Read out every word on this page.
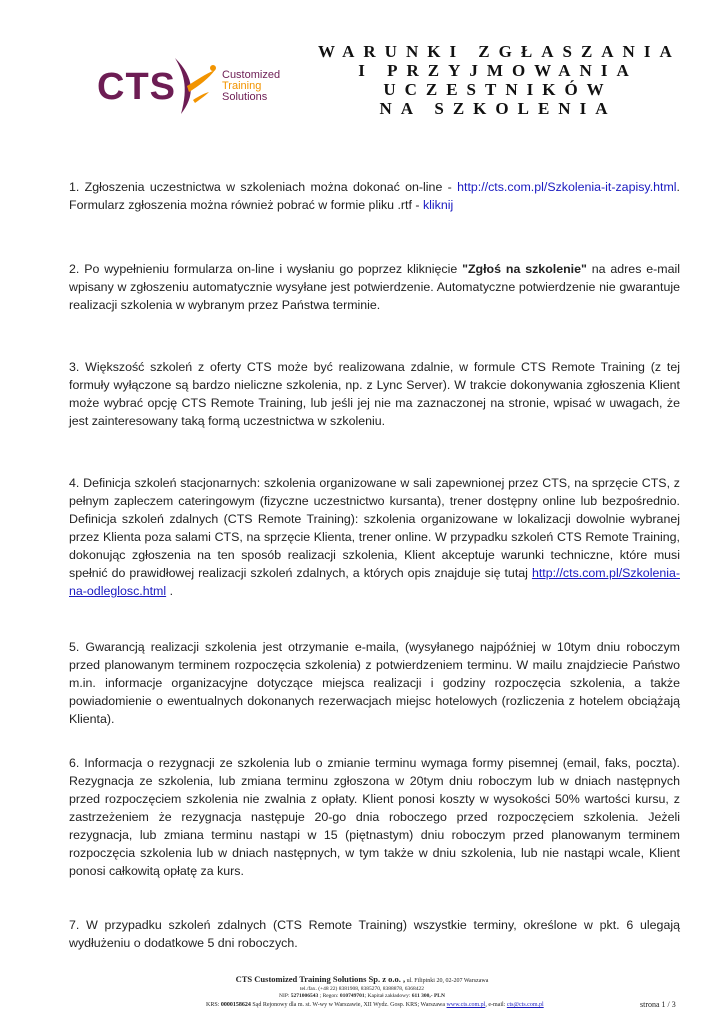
CTS	Customized
Training
Solutions
WARUNKI ZGŁASZANIA
I PRZYJMOWANIA
UCZESTNIKÓW
NA SZKOLENIA
1. Zgłoszenia uczestnictwa w szkoleniach można dokonać on-line - http://cts.com.pl/Szkolenia-it-zapisy.html. Formularz zgłoszenia można również pobrać w formie pliku .rtf - kliknij
2. Po wypełnieniu formularza on-line i wysłaniu go poprzez kliknięcie "Zgłoś na szkolenie" na adres e-mail wpisany w zgłoszeniu automatycznie wysyłane jest potwierdzenie. Automatyczne potwierdzenie nie gwarantuje realizacji szkolenia w wybranym przez Państwa terminie.
3. Większość szkoleń z oferty CTS może być realizowana zdalnie, w formule CTS Remote Training (z tej formuły wyłączone są bardzo nieliczne szkolenia, np. z Lync Server). W trakcie dokonywania zgłoszenia Klient może wybrać opcję CTS Remote Training, lub jeśli jej nie ma zaznaczonej na stronie, wpisać w uwagach, że jest zainteresowany taką formą uczestnictwa w szkoleniu.
4. Definicja szkoleń stacjonarnych: szkolenia organizowane w sali zapewnionej przez CTS, na sprzęcie CTS, z pełnym zapleczem cateringowym (fizyczne uczestnictwo kursanta), trener dostępny online lub bezpośrednio. Definicja szkoleń zdalnych (CTS Remote Training): szkolenia organizowane w lokalizacji dowolnie wybranej przez Klienta poza salami CTS, na sprzęcie Klienta, trener online. W przypadku szkoleń CTS Remote Training, dokonując zgłoszenia na ten sposób realizacji szkolenia, Klient akceptuje warunki techniczne, które musi spełnić do prawidłowej realizacji szkoleń zdalnych, a których opis znajduje się tutaj http://cts.com.pl/Szkolenia-na-odleglosc.html .
5. Gwarancją realizacji szkolenia jest otrzymanie e-maila, (wysyłanego najpóźniej w 10tym dniu roboczym przed planowanym terminem rozpoczęcia szkolenia) z potwierdzeniem terminu. W mailu znajdziecie Państwo m.in. informacje organizacyjne dotyczące miejsca realizacji i godziny rozpoczęcia szkolenia, a także powiadomienie o ewentualnych dokonanych rezerwacjach miejsc hotelowych (rozliczenia z hotelem obciążają Klienta).
6. Informacja o rezygnacji ze szkolenia lub o zmianie terminu wymaga formy pisemnej (email, faks, poczta). Rezygnacja ze szkolenia, lub zmiana terminu zgłoszona w 20tym dniu roboczym lub w dniach następnych przed rozpoczęciem szkolenia nie zwalnia z opłaty. Klient ponosi koszty w wysokości 50% wartości kursu, z zastrzeżeniem że rezygnacja następuje 20-go dnia roboczego przed rozpoczęciem szkolenia. Jeżeli rezygnacja, lub zmiana terminu nastąpi w 15 (piętnastym) dniu roboczym przed planowanym terminem rozpoczęcia szkolenia lub w dniach następnych, w tym także w dniu szkolenia, lub nie nastąpi wcale, Klient ponosi całkowitą opłatę za kurs.
7. W przypadku szkoleń zdalnych (CTS Remote Training) wszystkie terminy, określone w pkt. 6 ulegają wydłużeniu o dodatkowe 5 dni roboczych.
CTS Customized Training Solutions Sp. z o.o. , ul. Filipinki 20, 02-207 Warszawa
tel./fax. (+48 22) 8381908, 8385270, 8388878, 6368422
NIP: 5271006543 ; Regon: 010749701; Kapitał zakładowy: 611 300,- PLN
KRS: 0000158624 Sąd Rejonowy dla m. st. W-wy w Warszawie, XII Wydz. Gosp. KRS; Warszawa www.cts.com.pl, e-mail: cts@cts.com.pl	strona 1 / 3
